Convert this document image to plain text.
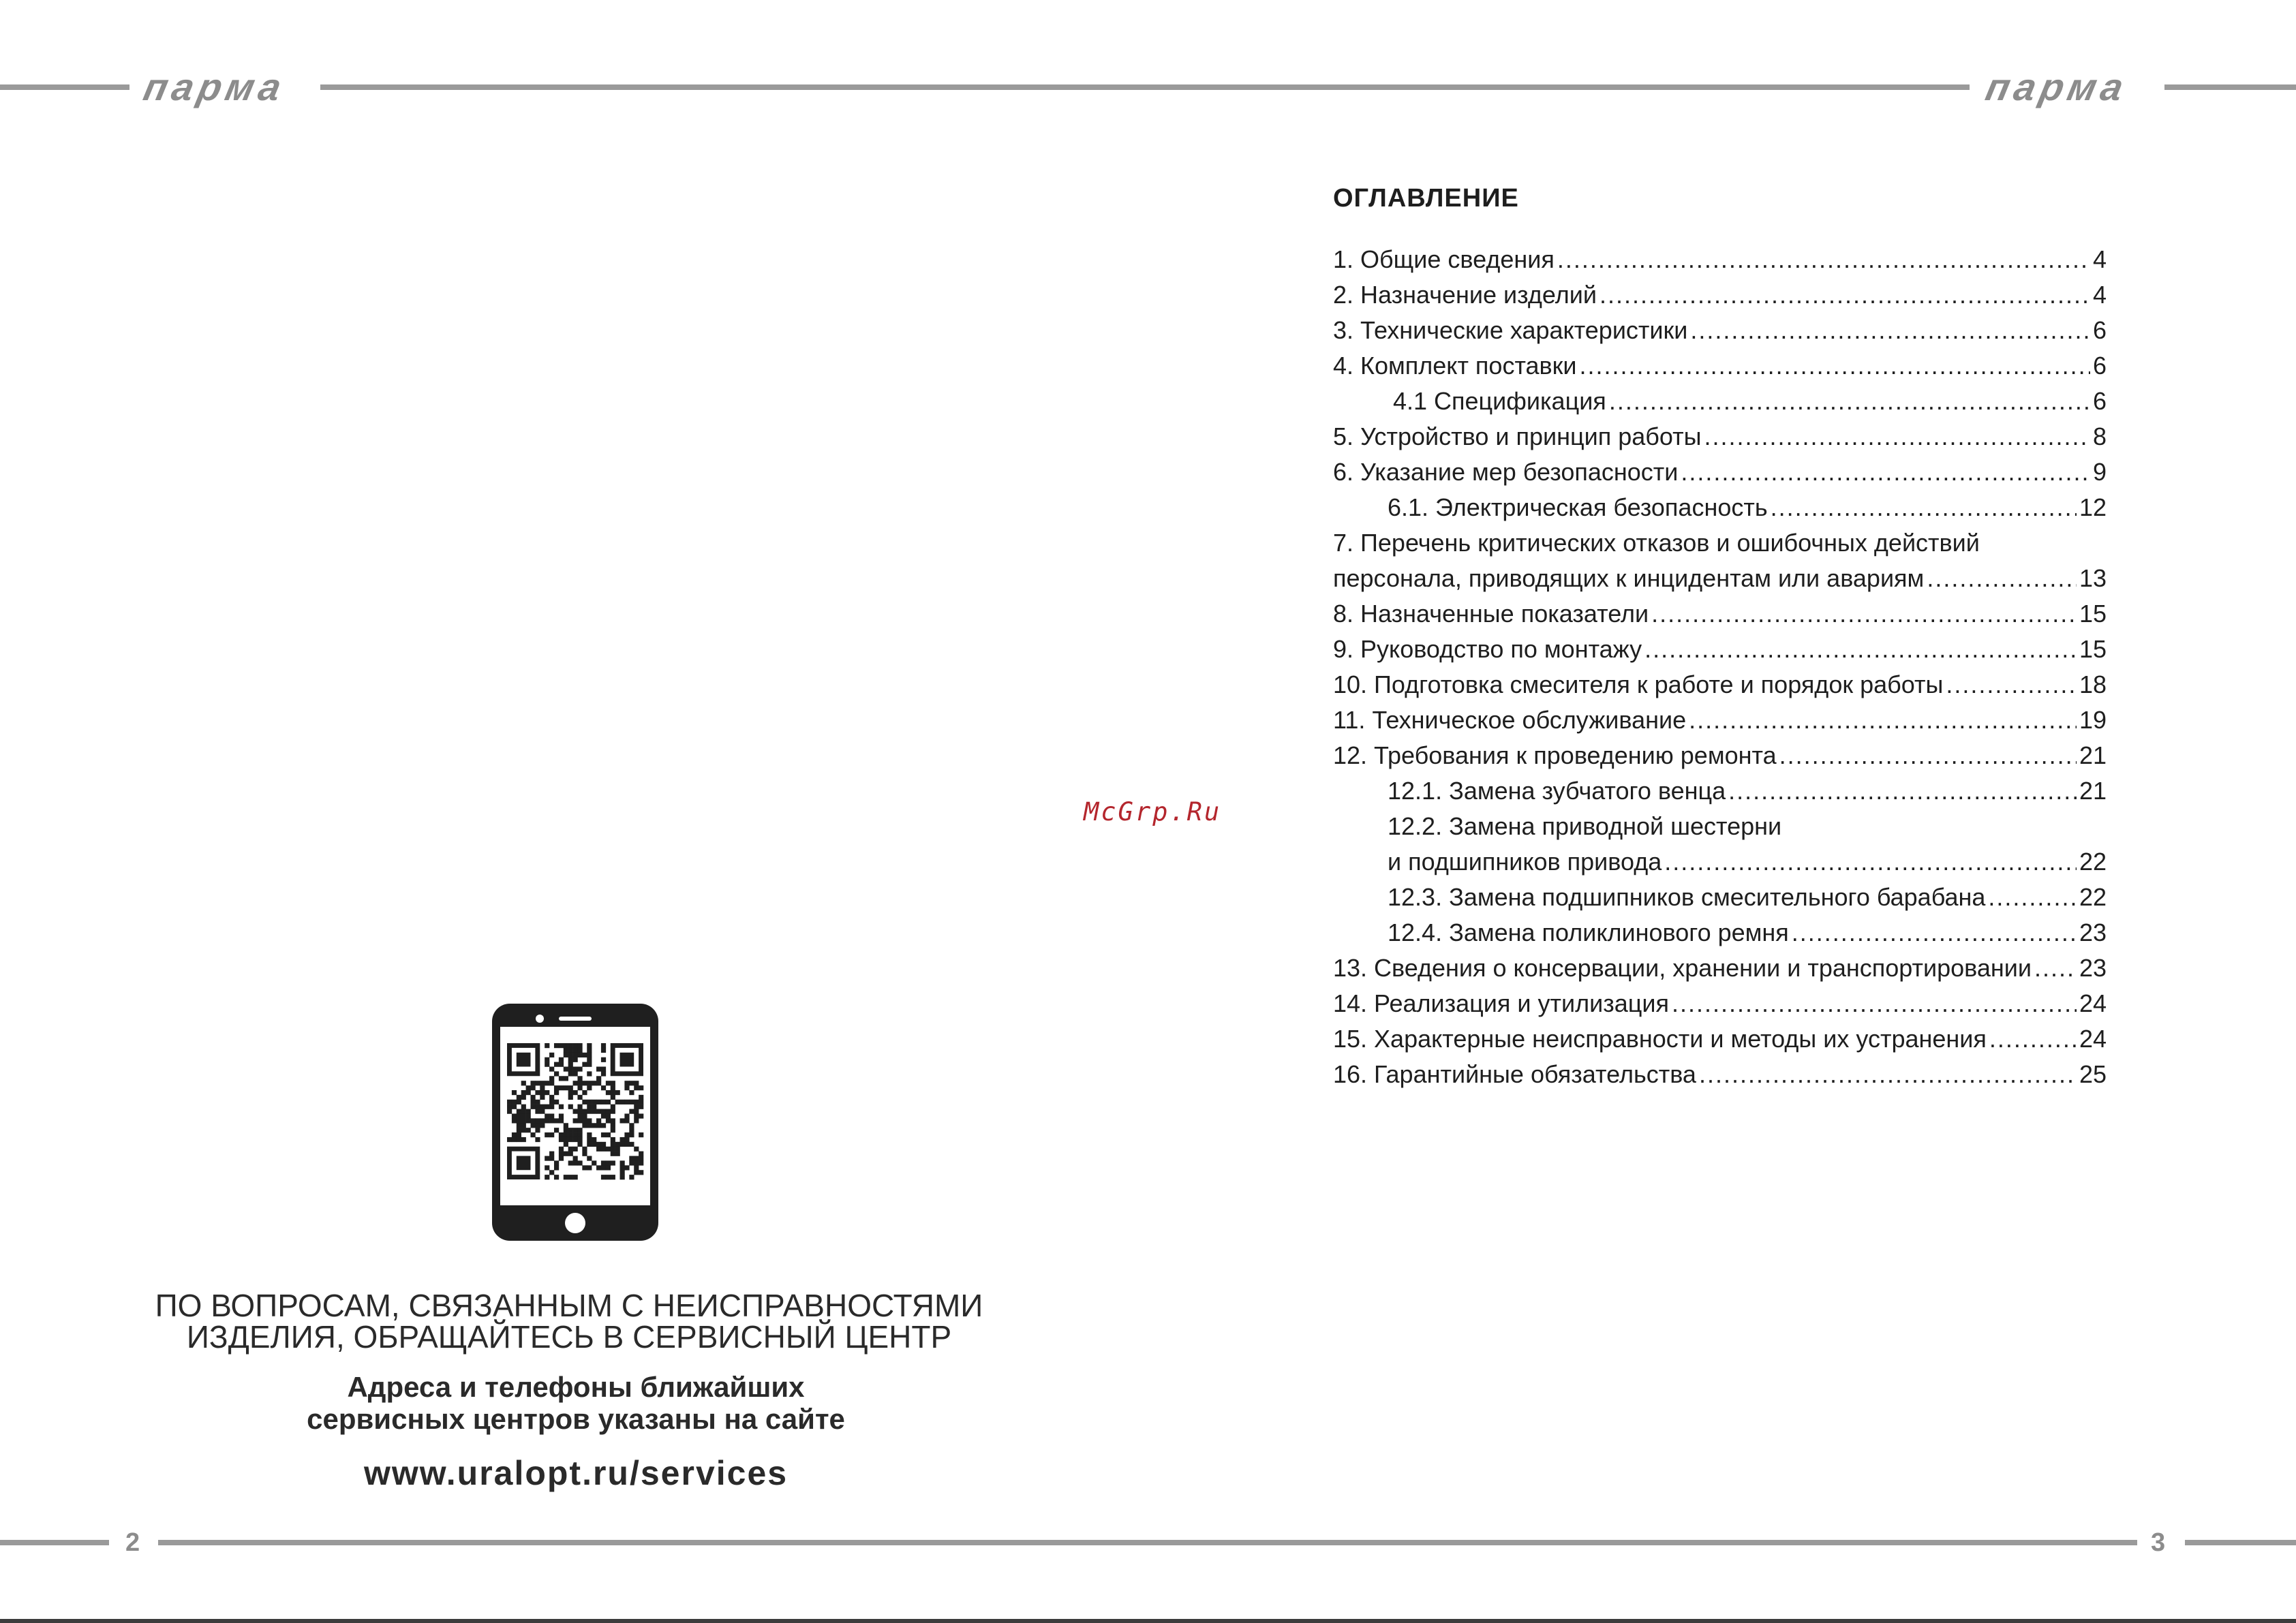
парма	парма
ПО ВОПРОСАМ, СВЯЗАННЫМ С НЕИСПРАВНОСТЯМИ
ИЗДЕЛИЯ, ОБРАЩАЙТЕСЬ В СЕРВИСНЫЙ ЦЕНТР
Адреса и телефоны ближайших
сервисных центров указаны на сайте
www.uralopt.ru/services
McGrp.Ru
ОГЛАВЛЕНИЕ
1. Общие сведения .....	4
2. Назначение изделий .....	4
3. Технические характеристики .....	6
4. Комплект поставки .....	6
4.1 Спецификация .....	6
5. Устройство и принцип работы .....	8
6. Указание мер безопасности .....	9
6.1. Электрическая безопасность .....	12
7. Перечень критических отказов и ошибочных действий
персонала, приводящих к инцидентам или авариям .....	13
8. Назначенные показатели .....	15
9. Руководство по монтажу .....	15
10. Подготовка смесителя к работе и порядок работы .....	18
11. Техническое обслуживание .....	19
12. Требования к проведению ремонта .....	21
12.1. Замена зубчатого венца .....	21
12.2. Замена приводной шестерни
и подшипников привода .....	22
12.3. Замена подшипников смесительного барабана .....	22
12.4. Замена поликлинового ремня .....	23
13. Сведения о консервации, хранении и транспортировании ..... 23
14. Реализация и утилизация .....	24
15. Характерные неисправности и методы их устранения .....	24
16. Гарантийные обязательства .....	25
2	3
